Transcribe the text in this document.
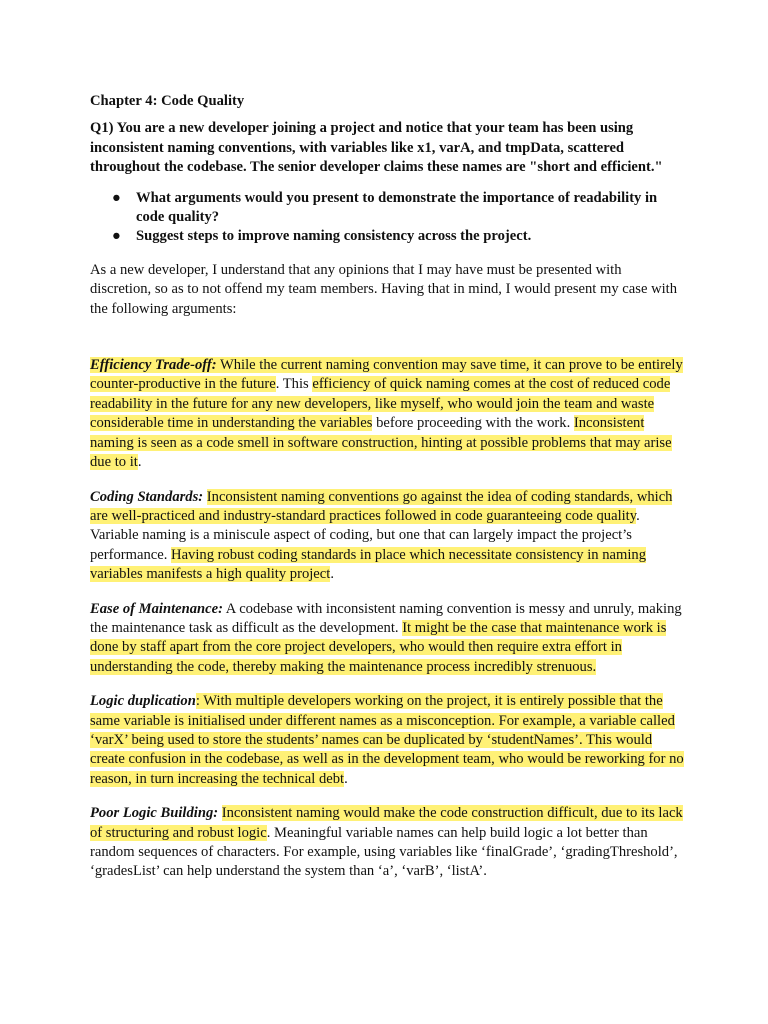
Chapter 4: Code Quality

Q1) You are a new developer joining a project and notice that your team has been using inconsistent naming conventions, with variables like x1, varA, and tmpData, scattered throughout the codebase. The senior developer claims these names are "short and efficient."

● What arguments would you present to demonstrate the importance of readability in code quality?
● Suggest steps to improve naming consistency across the project.

As a new developer, I understand that any opinions that I may have must be presented with discretion, so as to not offend my team members. Having that in mind, I would present my case with the following arguments:

Efficiency Trade-off: While the current naming convention may save time, it can prove to be entirely counter-productive in the future. This efficiency of quick naming comes at the cost of reduced code readability in the future for any new developers, like myself, who would join the team and waste considerable time in understanding the variables before proceeding with the work. Inconsistent naming is seen as a code smell in software construction, hinting at possible problems that may arise due to it.

Coding Standards: Inconsistent naming conventions go against the idea of coding standards, which are well-practiced and industry-standard practices followed in code guaranteeing code quality. Variable naming is a miniscule aspect of coding, but one that can largely impact the project’s performance. Having robust coding standards in place which necessitate consistency in naming variables manifests a high quality project.

Ease of Maintenance: A codebase with inconsistent naming convention is messy and unruly, making the maintenance task as difficult as the development. It might be the case that maintenance work is done by staff apart from the core project developers, who would then require extra effort in understanding the code, thereby making the maintenance process incredibly strenuous.

Logic duplication: With multiple developers working on the project, it is entirely possible that the same variable is initialised under different names as a misconception. For example, a variable called ‘varX’ being used to store the students’ names can be duplicated by ‘studentNames’. This would create confusion in the codebase, as well as in the development team, who would be reworking for no reason, in turn increasing the technical debt.

Poor Logic Building: Inconsistent naming would make the code construction difficult, due to its lack of structuring and robust logic. Meaningful variable names can help build logic a lot better than random sequences of characters. For example, using variables like ‘finalGrade’, ‘gradingThreshold’, ‘gradesList’ can help understand the system than ‘a’, ‘varB’, ‘listA’.
